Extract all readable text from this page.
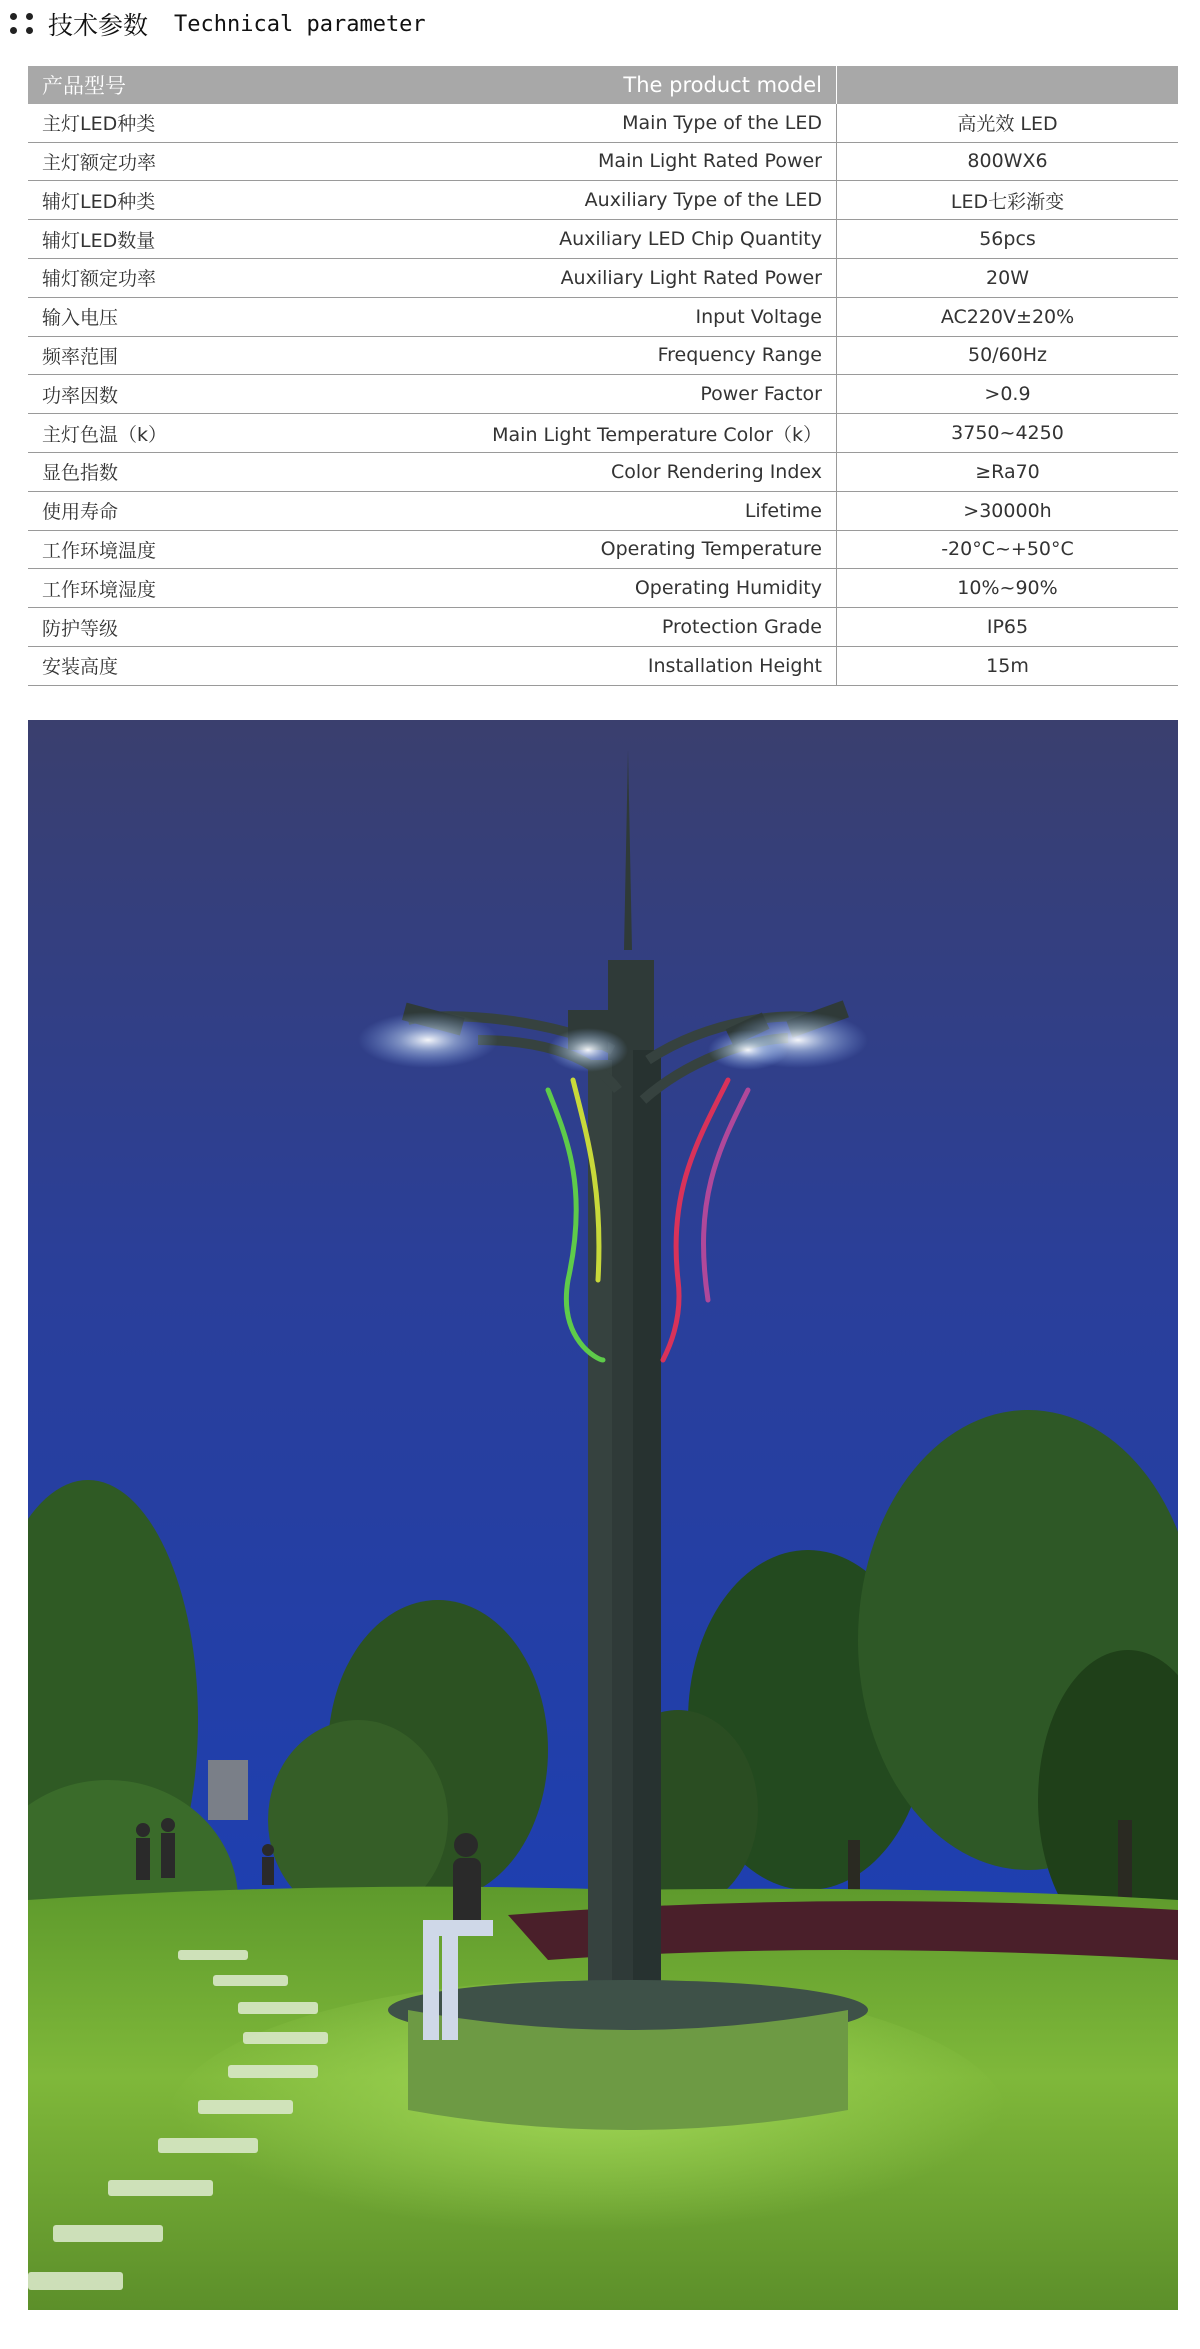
技术参数 Technical parameter
产品型号	The product model	
主灯LED种类	Main Type of the LED	高光效 LED
主灯额定功率	Main Light Rated Power	800WX6
辅灯LED种类	Auxiliary Type of the LED	LED七彩渐变
辅灯LED数量	Auxiliary LED Chip Quantity	56pcs
辅灯额定功率	Auxiliary Light Rated Power	20W
输入电压	Input Voltage	AC220V±20%
频率范围	Frequency Range	50/60Hz
功率因数	Power Factor	>0.9
主灯色温（k）	Main Light Temperature Color（k）	3750~4250
显色指数	Color Rendering Index	≥Ra70
使用寿命	Lifetime	>30000h
工作环境温度	Operating Temperature	-20°C~+50°C
工作环境湿度	Operating Humidity	10%~90%
防护等级	Protection Grade	IP65
安装高度	Installation Height	15m
